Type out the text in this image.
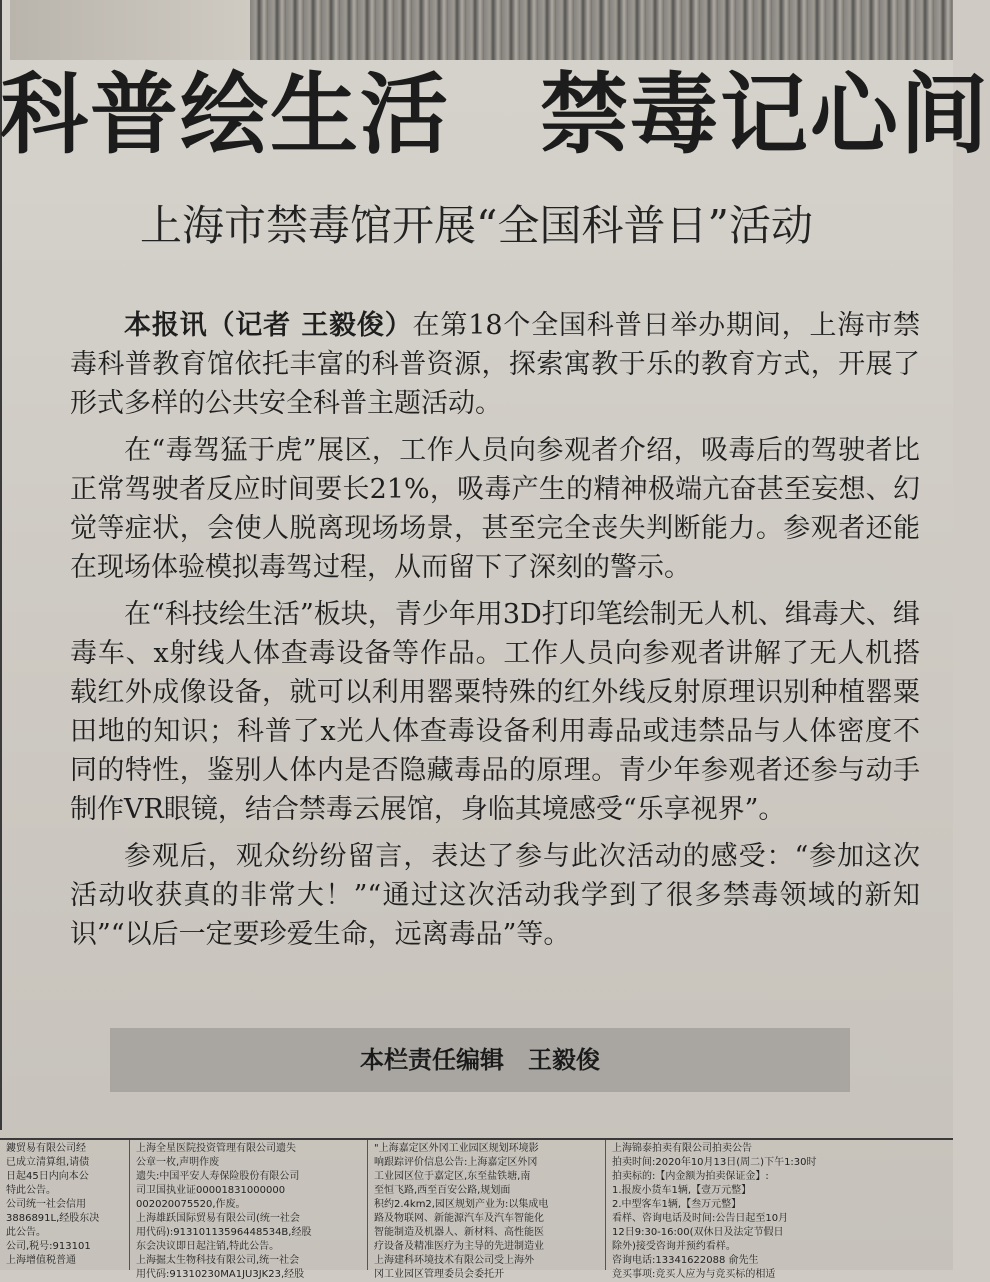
科普绘生活　禁毒记心间
上海市禁毒馆开展“全国科普日”活动

本报讯（记者 王毅俊）在第18个全国科普日举办期间，上海市禁毒科普教育馆依托丰富的科普资源，探索寓教于乐的教育方式，开展了形式多样的公共安全科普主题活动。

在“毒驾猛于虎”展区，工作人员向参观者介绍，吸毒后的驾驶者比正常驾驶者反应时间要长21%，吸毒产生的精神极端亢奋甚至妄想、幻觉等症状，会使人脱离现场场景，甚至完全丧失判断能力。参观者还能在现场体验模拟毒驾过程，从而留下了深刻的警示。

在“科技绘生活”板块，青少年用3D打印笔绘制无人机、缉毒犬、缉毒车、x射线人体查毒设备等作品。工作人员向参观者讲解了无人机搭载红外成像设备，就可以利用罂粟特殊的红外线反射原理识别种植罂粟田地的知识；科普了x光人体查毒设备利用毒品或违禁品与人体密度不同的特性，鉴别人体内是否隐藏毒品的原理。青少年参观者还参与动手制作VR眼镜，结合禁毒云展馆，身临其境感受“乐享视界”。

参观后，观众纷纷留言，表达了参与此次活动的感受：“参加这次活动收获真的非常大！”“通过这次活动我学到了很多禁毒领域的新知识”“以后一定要珍爱生命，远离毒品”等。

本栏责任编辑　王毅俊
鏤贸易有限公司经
已成立清算组,请债
日起45日内向本公
特此公告。
公司统一社会信用
3886891L,经股东决
此公告。
公司,税号:913101
上海增值税普通
上海全星医院投资管理有限公司遗失
公章一枚,声明作废
遗失:中国平安人寿保险股份有限公司
司卫国执业证00001831000000
002020075520,作废。
上海雄跃国际贸易有限公司(统一社会
用代码):91310113596448534B,经股
东会决议即日起注销,特此公告。
上海掘太生物科技有限公司,统一社会
用代码:91310230MA1JU3JK23,经股
"上海嘉定区外冈工业园区规划环境影
响跟踪评价信息公告:上海嘉定区外冈
工业园区位于嘉定区,东至盐铁塘,南
至恒飞路,西至百安公路,规划面
积约2.4km2,园区规划产业为:以集成电
路及物联网、新能源汽车及汽车智能化
智能制造及机器人、新材料、高性能医
疗设备及精准医疗为主导的先进制造业
上海建科环境技术有限公司受上海外
冈工业园区管理委员会委托开
上海锦泰拍卖有限公司拍卖公告
拍卖时间:2020年10月13日(周二)下午1:30时
拍卖标的:【内金额为拍卖保证金】:
1.报废小货车1辆,【壹万元整】
2.中型客车1辆,【叁万元整】
看样、咨询电话及时间:公告日起至10月
12日9:30-16:00(双休日及法定节假日
除外)接受咨询并预约看样。
咨询电话:13341622088 俞先生
竞买事项:竞买人应为与竞买标的相适
